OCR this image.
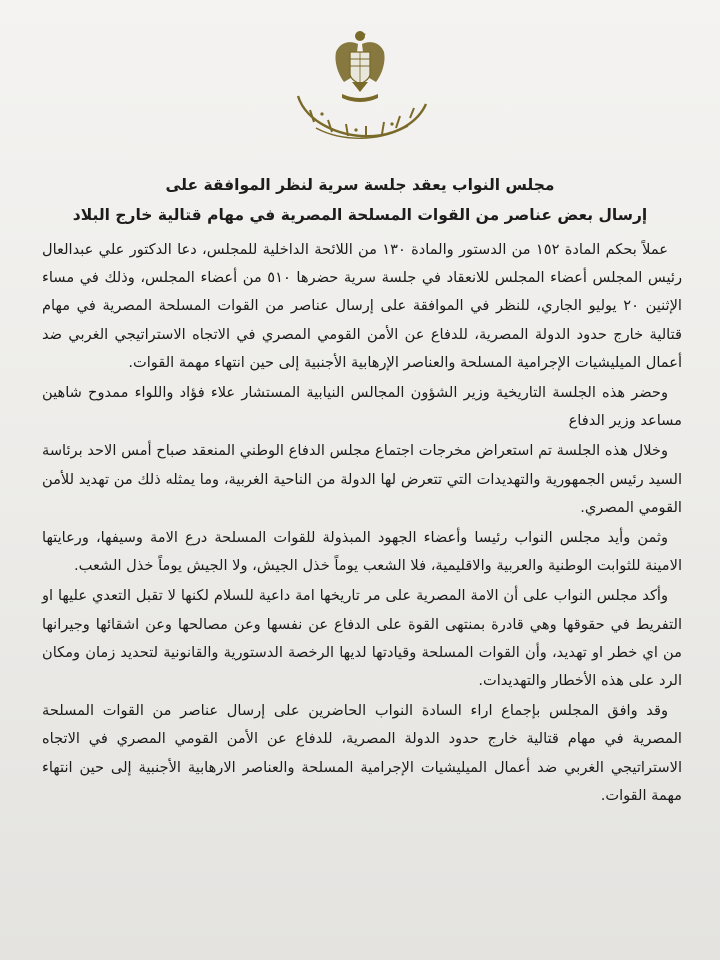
مجلس النواب يعقد جلسة سرية لنظر الموافقة على
إرسال بعض عناصر من القوات المسلحة المصرية في مهام قتالية خارج البلاد

عملاً بحكم المادة ١٥٢ من الدستور والمادة ١٣٠ من اللائحة الداخلية للمجلس، دعا الدكتور علي عبدالعال رئيس المجلس أعضاء المجلس للانعقاد في جلسة سرية حضرها ٥١٠ من أعضاء المجلس، وذلك في مساء الإثنين ٢٠ يوليو الجاري، للنظر في الموافقة على إرسال عناصر من القوات المسلحة المصرية في مهام قتالية خارج حدود الدولة المصرية، للدفاع عن الأمن القومي المصري في الاتجاه الاستراتيجي الغربي ضد أعمال الميليشيات الإجرامية المسلحة والعناصر الإرهابية الأجنبية إلى حين انتهاء مهمة القوات.

وحضر هذه الجلسة التاريخية وزير الشؤون المجالس النيابية المستشار علاء فؤاد واللواء ممدوح شاهين مساعد وزير الدفاع

وخلال هذه الجلسة تم استعراض مخرجات اجتماع مجلس الدفاع الوطني المنعقد صباح أمس الاحد برئاسة السيد رئيس الجمهورية والتهديدات التي تتعرض لها الدولة من الناحية الغربية، وما يمثله ذلك من تهديد للأمن القومي المصري.

وثمن وأيد مجلس النواب رئيسا وأعضاء الجهود المبذولة للقوات المسلحة درع الامة وسيفها، ورعايتها الامينة للثوابت الوطنية والعربية والاقليمية، فلا الشعب يوماً خذل الجيش، ولا الجيش يوماً خذل الشعب.

وأكد مجلس النواب على أن الامة المصرية على مر تاريخها امة داعية للسلام لكنها لا تقبل التعدي عليها او التفريط في حقوقها وهي قادرة بمنتهى القوة على الدفاع عن نفسها وعن مصالحها وعن اشقائها وجيرانها من اي خطر او تهديد، وأن القوات المسلحة وقيادتها لديها الرخصة الدستورية والقانونية لتحديد زمان ومكان الرد على هذه الأخطار والتهديدات.

وقد وافق المجلس بإجماع اراء السادة النواب الحاضرين على إرسال عناصر من القوات المسلحة المصرية في مهام قتالية خارج حدود الدولة المصرية، للدفاع عن الأمن القومي المصري في الاتجاه الاستراتيجي الغربي ضد أعمال الميليشيات الإجرامية المسلحة والعناصر الارهابية الأجنبية إلى حين انتهاء مهمة القوات.
